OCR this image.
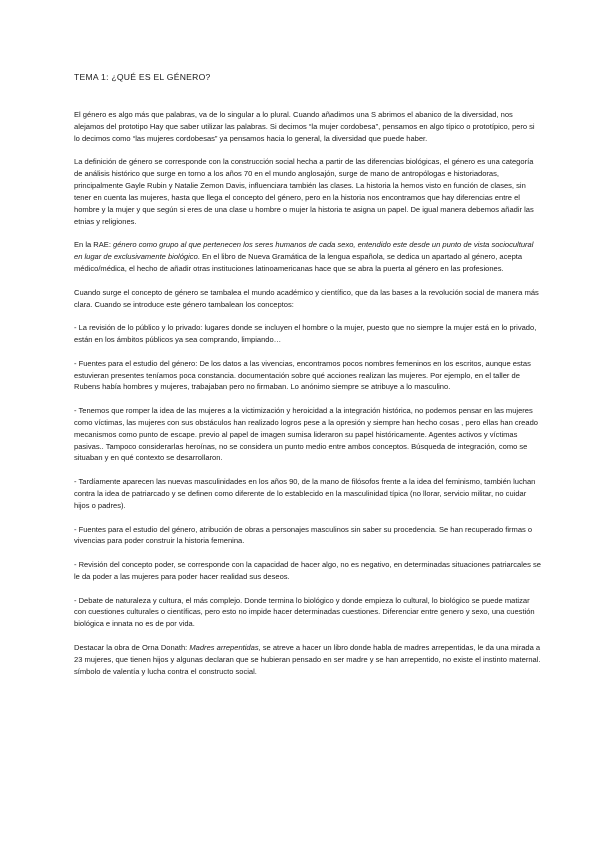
TEMA 1: ¿QUÉ ES EL GÉNERO?

El género es algo más que palabras, va de lo singular a lo plural. Cuando añadimos una S abrimos el abanico de la diversidad, nos alejamos del prototipo Hay que saber utilizar las palabras. Si decimos “la mujer cordobesa”, pensamos en algo típico o prototípico, pero si lo decimos como “las mujeres cordobesas” ya pensamos hacia lo general, la diversidad que puede haber.

La definición de género se corresponde con la construcción social hecha a partir de las diferencias biológicas, el género es una categoría de análisis histórico que surge en torno a los años 70 en el mundo anglosajón, surge de mano de antropólogas e historiadoras, principalmente Gayle Rubin y Natalie Zemon Davis, influenciara también las clases. La historia la hemos visto en función de clases, sin tener en cuenta las mujeres, hasta que llega el concepto del género, pero en la historia nos encontramos que hay diferencias entre el hombre y la mujer y que según si eres de una clase u hombre o mujer la historia te asigna un papel. De igual manera debemos añadir las etnias y religiones.

En la RAE: género como grupo al que pertenecen los seres humanos de cada sexo, entendido este desde un punto de vista sociocultural en lugar de exclusivamente biológico. En el libro de Nueva Gramática de la lengua española, se dedica un apartado al género, acepta médico/médica, el hecho de añadir otras instituciones latinoamericanas hace que se abra la puerta al género en las profesiones.

Cuando surge el concepto de género se tambalea el mundo académico y científico, que da las bases a la revolución social de manera más clara. Cuando se introduce este género tambalean los conceptos:

- La revisión de lo público y lo privado: lugares donde se incluyen el hombre o la mujer, puesto que no siempre la mujer está en lo privado, están en los ámbitos públicos ya sea comprando, limpiando…

- Fuentes para el estudio del género: De los datos a las vivencias, encontramos pocos nombres femeninos en los escritos, aunque estas estuvieran presentes teníamos poca constancia. documentación sobre qué acciones realizan las mujeres. Por ejemplo, en el taller de Rubens había hombres y mujeres, trabajaban pero no firmaban. Lo anónimo siempre se atribuye a lo masculino.

- Tenemos que romper la idea de las mujeres a la victimización y heroicidad a la integración histórica, no podemos pensar en las mujeres como víctimas, las mujeres con sus obstáculos han realizado logros pese a la opresión y siempre han hecho cosas , pero ellas han creado mecanismos como punto de escape. previo al papel de imagen sumisa lideraron su papel históricamente. Agentes activos y víctimas pasivas.. Tampoco considerarlas heroínas, no se considera un punto medio entre ambos conceptos. Búsqueda de integración, como se situaban y en qué contexto se desarrollaron.

- Tardíamente aparecen las nuevas masculinidades en los años 90, de la mano de filósofos frente a la idea del feminismo, también luchan contra la idea de patriarcado y se definen como diferente de lo establecido en la masculinidad típica (no llorar, servicio militar, no cuidar hijos o padres).

- Fuentes para el estudio del género, atribución de obras a personajes masculinos sin saber su procedencia. Se han recuperado firmas o vivencias para poder construir la historia femenina.

- Revisión del concepto poder, se corresponde con la capacidad de hacer algo, no es negativo, en determinadas situaciones patriarcales se le da poder a las mujeres para poder hacer realidad sus deseos.

- Debate de naturaleza y cultura, el más complejo. Donde termina lo biológico y donde empieza lo cultural, lo biológico se puede matizar con cuestiones culturales o científicas, pero esto no impide hacer determinadas cuestiones. Diferenciar entre genero y sexo, una cuestión biológica e innata no es de por vida.

Destacar la obra de Orna Donath: Madres arrepentidas, se atreve a hacer un libro donde habla de madres arrepentidas, le da una mirada a 23 mujeres, que tienen hijos y algunas declaran que se hubieran pensado en ser madre y se han arrepentido, no existe el instinto maternal. símbolo de valentía y lucha contra el constructo social.
